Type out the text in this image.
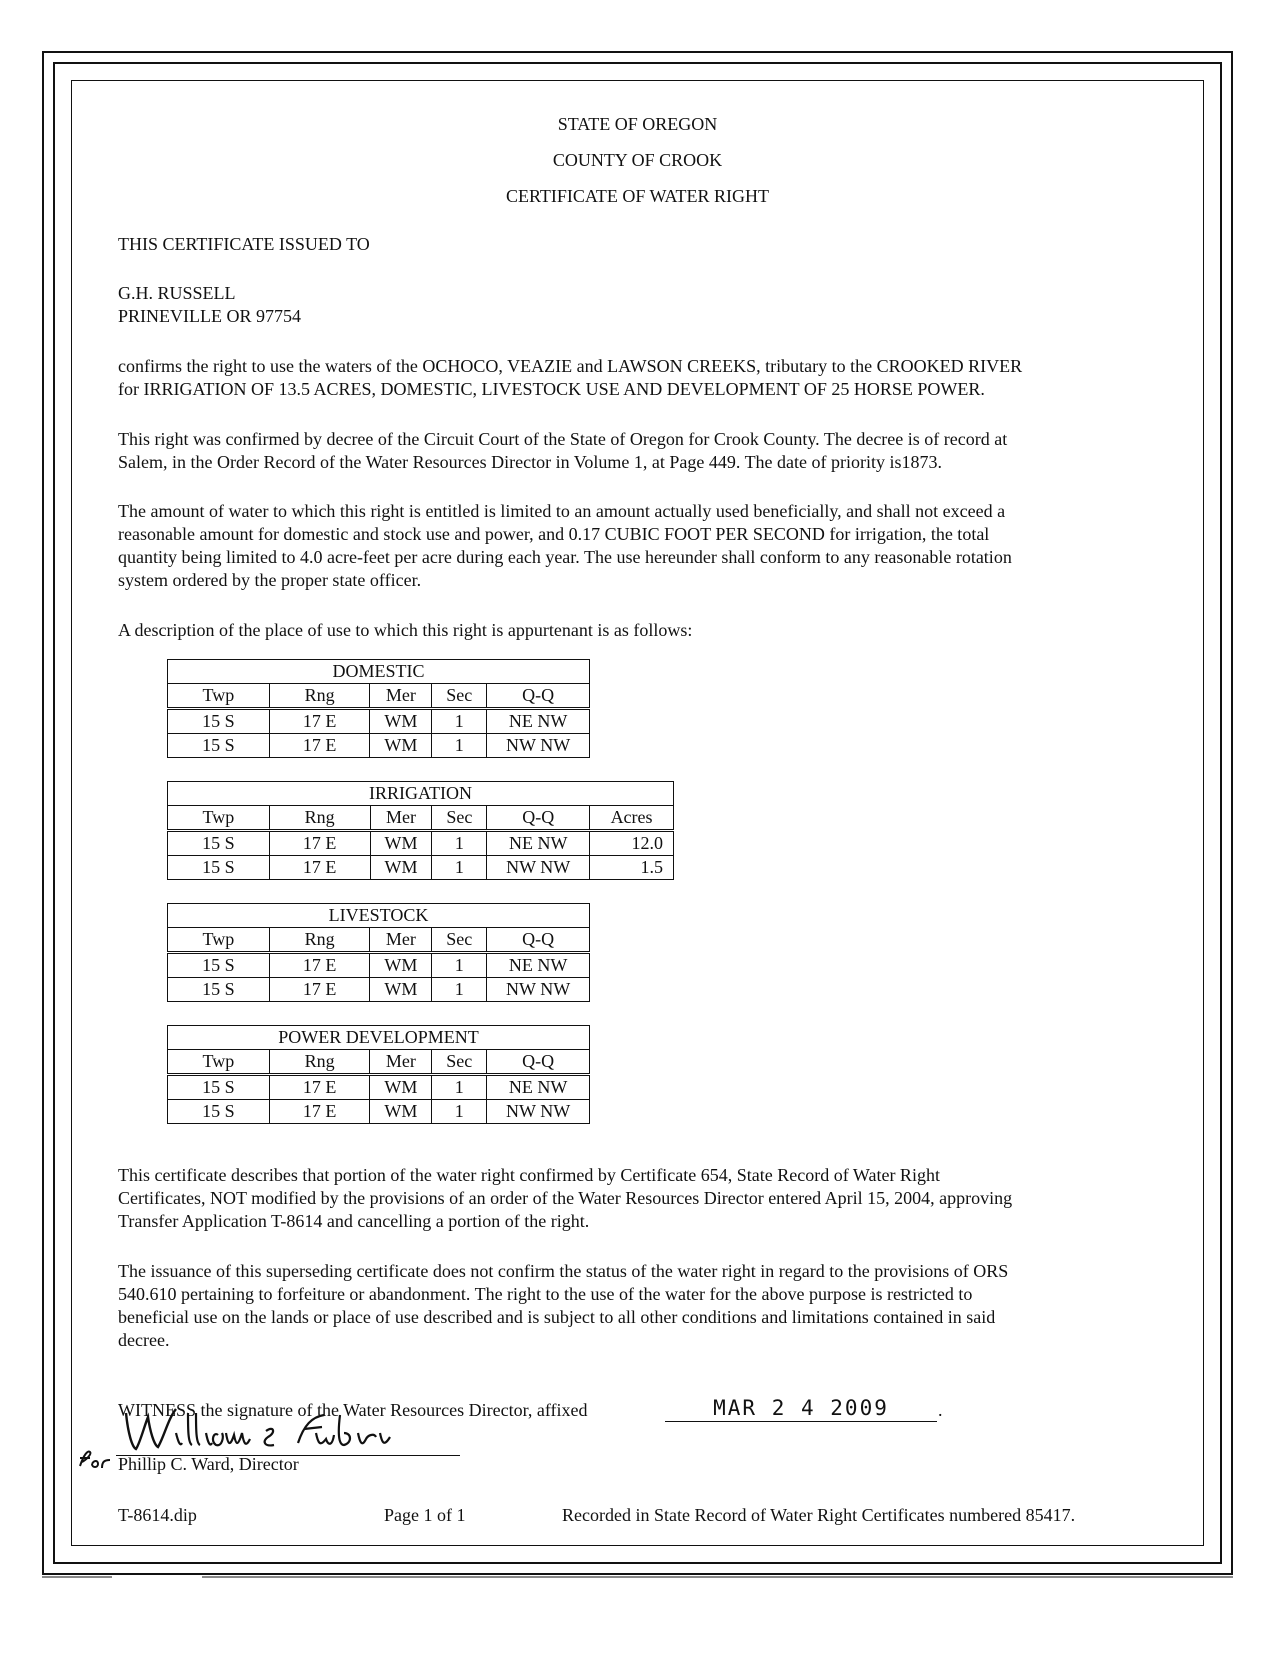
STATE OF OREGON
COUNTY OF CROOK
CERTIFICATE OF WATER RIGHT
THIS CERTIFICATE ISSUED TO
G.H. RUSSELL
PRINEVILLE OR 97754
confirms the right to use the waters of the OCHOCO, VEAZIE and LAWSON CREEKS, tributary to the CROOKED RIVER
for IRRIGATION OF 13.5 ACRES, DOMESTIC, LIVESTOCK USE AND DEVELOPMENT OF 25 HORSE POWER.
This right was confirmed by decree of the Circuit Court of the State of Oregon for Crook County. The decree is of record at
Salem, in the Order Record of the Water Resources Director in Volume 1, at Page 449. The date of priority is1873.
The amount of water to which this right is entitled is limited to an amount actually used beneficially, and shall not exceed a
reasonable amount for domestic and stock use and power, and 0.17 CUBIC FOOT PER SECOND for irrigation, the total
quantity being limited to 4.0 acre-feet per acre during each year. The use hereunder shall conform to any reasonable rotation
system ordered by the proper state officer.
A description of the place of use to which this right is appurtenant is as follows:
DOMESTIC				
Twp	Rng	Mer	Sec	Q-Q
15 S	17 E	WM	1	NE NW
15 S	17 E	WM	1	NW NW
IRRIGATION					
Twp	Rng	Mer	Sec	Q-Q	Acres
15 S	17 E	WM	1	NE NW	12.0
15 S	17 E	WM	1	NW NW	1.5
LIVESTOCK				
Twp	Rng	Mer	Sec	Q-Q
15 S	17 E	WM	1	NE NW
15 S	17 E	WM	1	NW NW
POWER DEVELOPMENT				
Twp	Rng	Mer	Sec	Q-Q
15 S	17 E	WM	1	NE NW
15 S	17 E	WM	1	NW NW
This certificate describes that portion of the water right confirmed by Certificate 654, State Record of Water Right
Certificates, NOT modified by the provisions of an order of the Water Resources Director entered April 15, 2004, approving
Transfer Application T-8614 and cancelling a portion of the right.
The issuance of this superseding certificate does not confirm the status of the water right in regard to the provisions of ORS
540.610 pertaining to forfeiture or abandonment. The right to the use of the water for the above purpose is restricted to
beneficial use on the lands or place of use described and is subject to all other conditions and limitations contained in said
decree.
WITNESS the signature of the Water Resources Director, affixed	MAR 2 4 2009	.
Phillip C. Ward, Director
T-8614.dip	Page 1 of 1	Recorded in State Record of Water Right Certificates numbered 85417.
